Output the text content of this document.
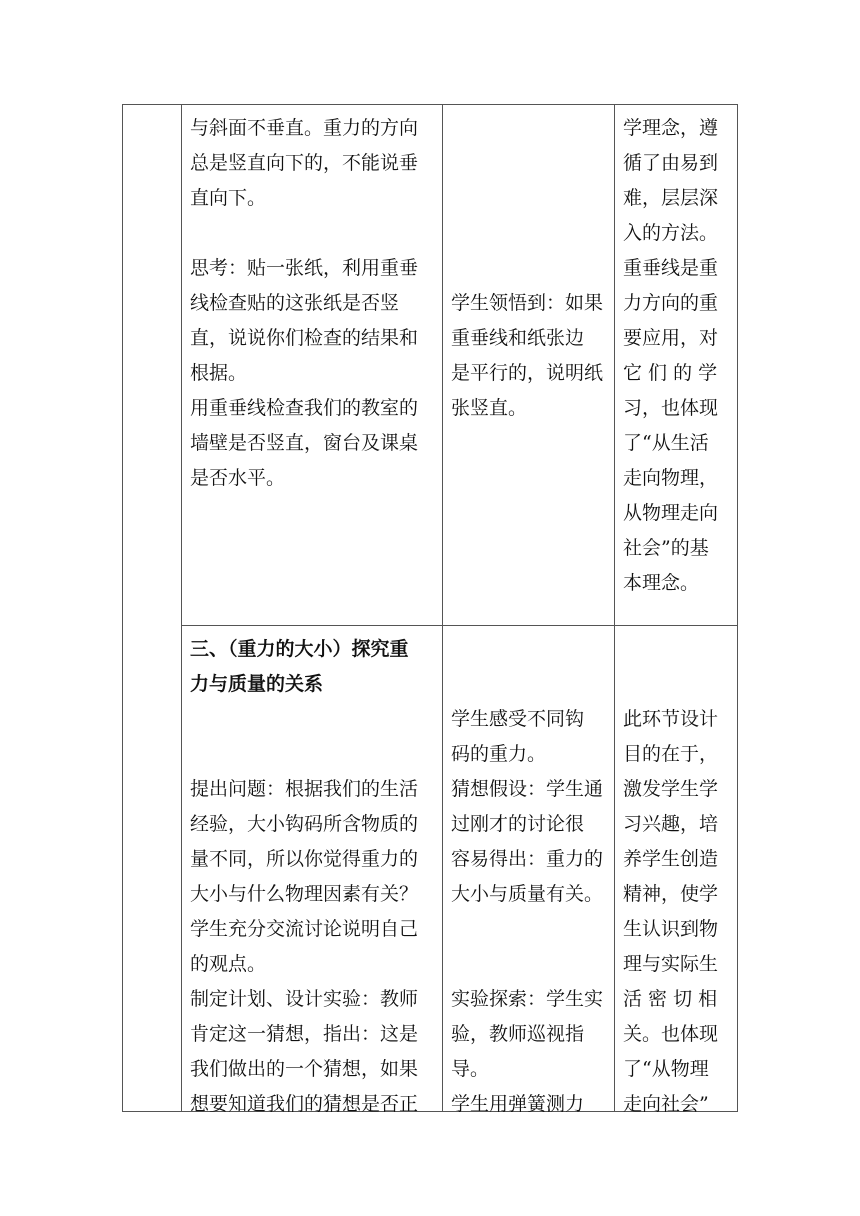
与斜面不垂直。重力的方向

总是竖直向下的，不能说垂

直向下。

思考：贴一张纸，利用重垂

线检查贴的这张纸是否竖

直，说说你们检查的结果和

根据。

用重垂线检查我们的教室的

墙壁是否竖直，窗台及课桌

是否水平。

学生领悟到：如果

重垂线和纸张边

是平行的，说明纸

张竖直。

学理念，遵

循了由易到

难，层层深

入的方法。

重垂线是重

力方向的重

要应用，对

它 们 的 学

习，也体现

了“从生活

走向物理，

从物理走向

社会”的基

本理念。

三、（重力的大小）探究重

力与质量的关系

提出问题：根据我们的生活

经验，大小钩码所含物质的

量不同，所以你觉得重力的

大小与什么物理因素有关？

学生充分交流讨论说明自己

的观点。

制定计划、设计实验：教师

肯定这一猜想，指出：这是

我们做出的一个猜想，如果

想要知道我们的猜想是否正

学生感受不同钩

码的重力。

猜想假设：学生通

过刚才的讨论很

容易得出：重力的

大小与质量有关。

实验探索：学生实

验，教师巡视指

导。

学生用弹簧测力

此环节设计

目的在于，

激发学生学

习兴趣，培

养学生创造

精神，使学

生认识到物

理与实际生

活 密 切 相

关。也体现

了“从物理

走向社会”
